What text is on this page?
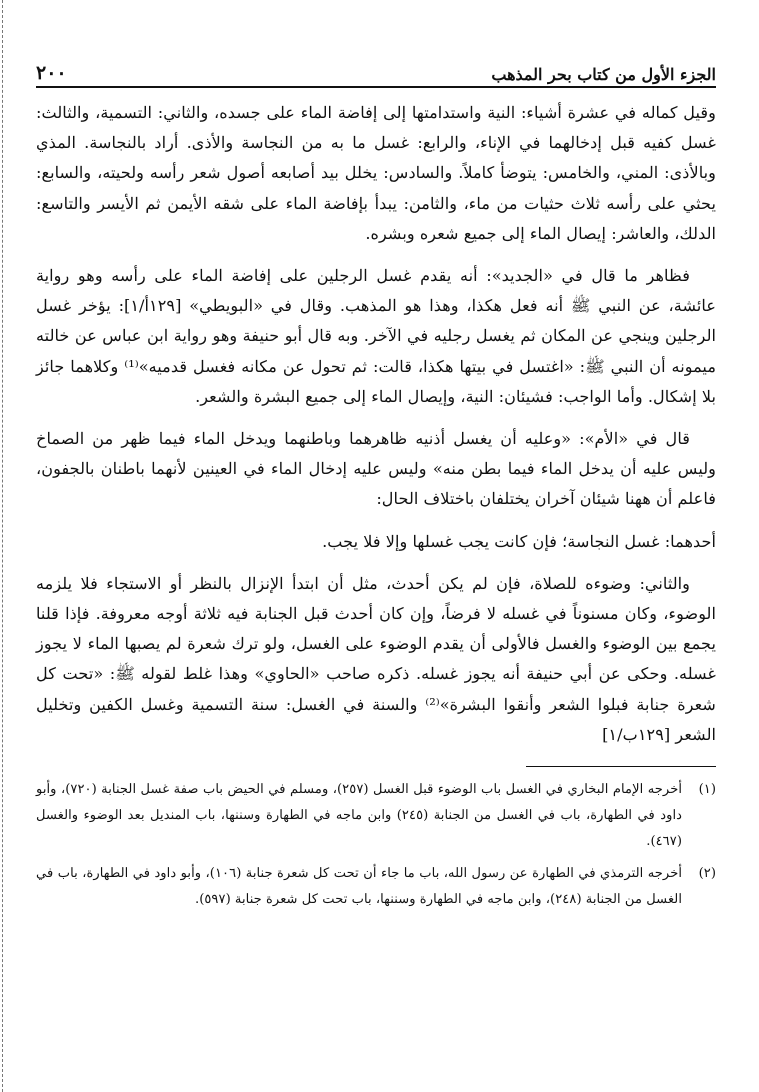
الجزء الأول من كتاب بحر المذهب
٢٠٠

وقيل كماله في عشرة أشياء: النية واستدامتها إلى إفاضة الماء على جسده، والثاني: التسمية، والثالث: غسل كفيه قبل إدخالهما في الإناء، والرابع: غسل ما به من النجاسة والأذى. أراد بالنجاسة. المذي وبالأذى: المني، والخامس: يتوضأ كاملاً. والسادس: يخلل بيد أصابعه أصول شعر رأسه ولحيته، والسابع: يحثي على رأسه ثلاث حثيات من ماء، والثامن: يبدأ بإفاضة الماء على شقه الأيمن ثم الأيسر والتاسع: الدلك، والعاشر: إيصال الماء إلى جميع شعره وبشره.

فظاهر ما قال في «الجديد»: أنه يقدم غسل الرجلين على إفاضة الماء على رأسه وهو رواية عائشة، عن النبي ﷺ أنه فعل هكذا، وهذا هو المذهب. وقال في «البويطي» [١٢٩أ/١]: يؤخر غسل الرجلين وينجي عن المكان ثم يغسل رجليه في الآخر. وبه قال أبو حنيفة وهو رواية ابن عباس عن خالته ميمونه أن النبي ﷺ: «اغتسل في بيتها هكذا، قالت: ثم تحول عن مكانه فغسل قدميه»⁽¹⁾ وكلاهما جائز بلا إشكال. وأما الواجب: فشيئان: النية، وإيصال الماء إلى جميع البشرة والشعر.

قال في «الأم»: «وعليه أن يغسل أذنيه ظاهرهما وباطنهما ويدخل الماء فيما ظهر من الصماخ وليس عليه أن يدخل الماء فيما بطن منه» وليس عليه إدخال الماء في العينين لأنهما باطنان بالجفون، فاعلم أن ههنا شيئان آخران يختلفان باختلاف الحال:

أحدهما: غسل النجاسة؛ فإن كانت يجب غسلها وإلا فلا يجب.

والثاني: وضوءه للصلاة، فإن لم يكن أحدث، مثل أن ابتدأ الإنزال بالنظر أو الاستجاء فلا يلزمه الوضوء، وكان مسنوناً في غسله لا فرضاً، وإن كان أحدث قبل الجنابة فيه ثلاثة أوجه معروفة. فإذا قلنا يجمع بين الوضوء والغسل فالأولى أن يقدم الوضوء على الغسل، ولو ترك شعرة لم يصبها الماء لا يجوز غسله. وحكى عن أبي حنيفة أنه يجوز غسله. ذكره صاحب «الحاوي» وهذا غلط لقوله ﷺ: «تحت كل شعرة جنابة فبلوا الشعر وأنقوا البشرة»⁽²⁾ والسنة في الغسل: سنة التسمية وغسل الكفين وتخليل الشعر [١٢٩ب/١]

(١)
أخرجه الإمام البخاري في الغسل باب الوضوء قبل الغسل (٢٥٧)، ومسلم في الحيض باب صفة غسل الجنابة (٧٢٠)، وأبو داود في الطهارة، باب في الغسل من الجنابة (٢٤٥) وابن ماجه في الطهارة وسننها، باب المنديل بعد الوضوء والغسل (٤٦٧).
(٢)
أخرجه الترمذي في الطهارة عن رسول الله، باب ما جاء أن تحت كل شعرة جنابة (١٠٦)، وأبو داود في الطهارة، باب في الغسل من الجنابة (٢٤٨)، وابن ماجه في الطهارة وسننها، باب تحت كل شعرة جنابة (٥٩٧).
